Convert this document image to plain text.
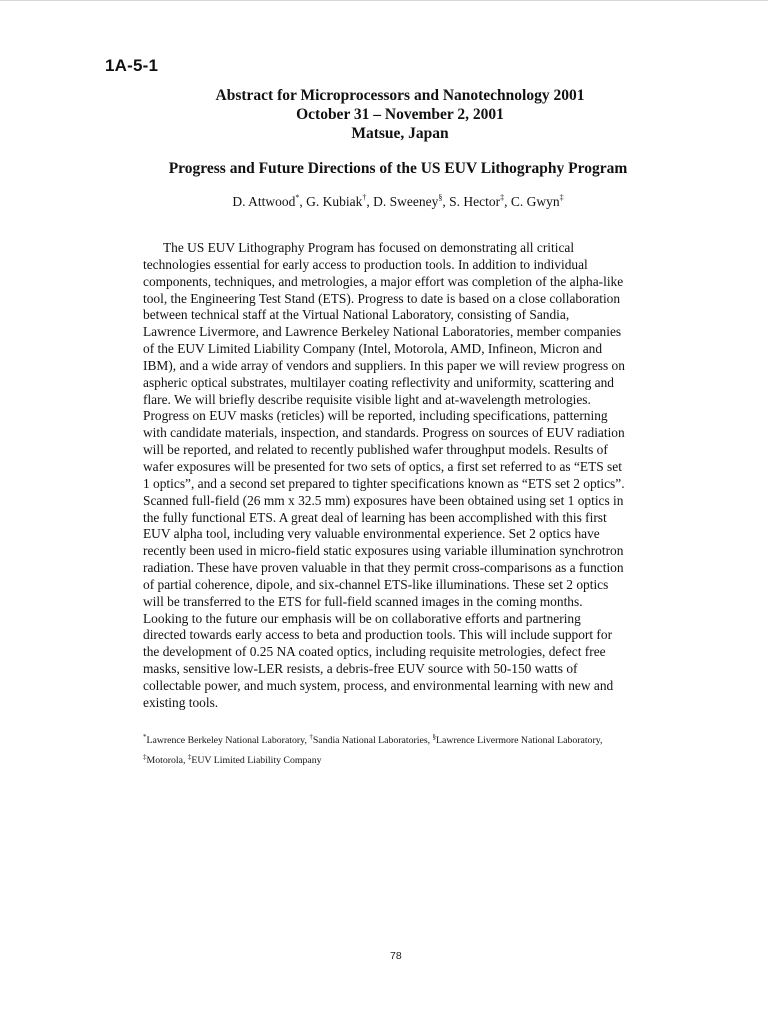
1A-5-1
Abstract for Microprocessors and Nanotechnology 2001
October 31 – November 2, 2001
Matsue, Japan
Progress and Future Directions of the US EUV Lithography Program
D. Attwood*, G. Kubiak†, D. Sweeney§, S. Hector‡, C. Gwyn‡

The US EUV Lithography Program has focused on demonstrating all critical
technologies essential for early access to production tools. In addition to individual
components, techniques, and metrologies, a major effort was completion of the alpha-like
tool, the Engineering Test Stand (ETS). Progress to date is based on a close collaboration
between technical staff at the Virtual National Laboratory, consisting of Sandia,
Lawrence Livermore, and Lawrence Berkeley National Laboratories, member companies
of the EUV Limited Liability Company (Intel, Motorola, AMD, Infineon, Micron and
IBM), and a wide array of vendors and suppliers. In this paper we will review progress on
aspheric optical substrates, multilayer coating reflectivity and uniformity, scattering and
flare. We will briefly describe requisite visible light and at-wavelength metrologies.
Progress on EUV masks (reticles) will be reported, including specifications, patterning
with candidate materials, inspection, and standards. Progress on sources of EUV radiation
will be reported, and related to recently published wafer throughput models. Results of
wafer exposures will be presented for two sets of optics, a first set referred to as “ETS set
1 optics”, and a second set prepared to tighter specifications known as “ETS set 2 optics”.
Scanned full-field (26 mm x 32.5 mm) exposures have been obtained using set 1 optics in
the fully functional ETS. A great deal of learning has been accomplished with this first
EUV alpha tool, including very valuable environmental experience. Set 2 optics have
recently been used in micro-field static exposures using variable illumination synchrotron
radiation. These have proven valuable in that they permit cross-comparisons as a function
of partial coherence, dipole, and six-channel ETS-like illuminations. These set 2 optics
will be transferred to the ETS for full-field scanned images in the coming months.
Looking to the future our emphasis will be on collaborative efforts and partnering
directed towards early access to beta and production tools. This will include support for
the development of 0.25 NA coated optics, including requisite metrologies, defect free
masks, sensitive low-LER resists, a debris-free EUV source with 50-150 watts of
collectable power, and much system, process, and environmental learning with new and
existing tools.

*Lawrence Berkeley National Laboratory, †Sandia National Laboratories, §Lawrence Livermore National Laboratory,
‡Motorola, ‡EUV Limited Liability Company
78
